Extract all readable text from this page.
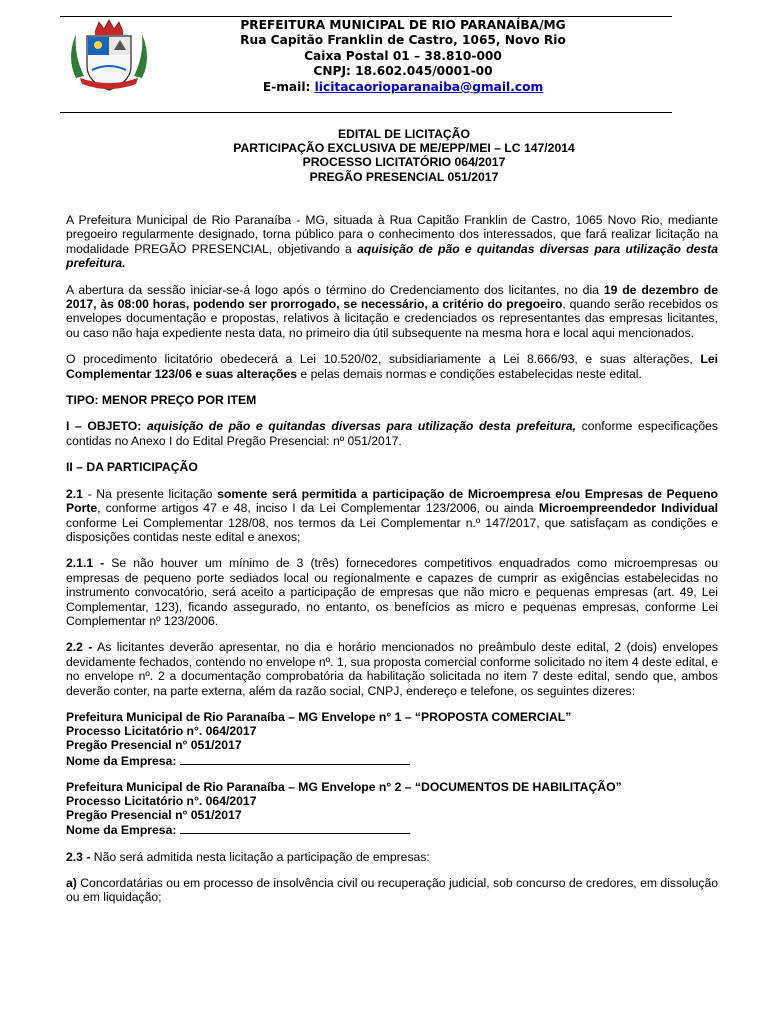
PREFEITURA MUNICIPAL DE RIO PARANAÍBA/MG
Rua Capitão Franklin de Castro, 1065, Novo Rio
Caixa Postal 01 – 38.810-000
CNPJ: 18.602.045/0001-00
E-mail: licitacaorioparanaiba@gmail.com
EDITAL DE LICITAÇÃO
PARTICIPAÇÃO EXCLUSIVA DE ME/EPP/MEI – LC 147/2014
PROCESSO LICITATÓRIO 064/2017
PREGÃO PRESENCIAL 051/2017

A Prefeitura Municipal de Rio Paranaíba - MG, situada à Rua Capitão Franklin de Castro, 1065 Novo Rio, mediante pregoeiro regularmente designado, torna público para o conhecimento dos interessados, que fará realizar licitação na modalidade PREGÃO PRESENCIAL, objetivando a aquisição de pão e quitandas diversas para utilização desta prefeitura.

A abertura da sessão iniciar-se-á logo após o término do Credenciamento dos licitantes, no dia 19 de dezembro de 2017, às 08:00 horas, podendo ser prorrogado, se necessário, a critério do pregoeiro, quando serão recebidos os envelopes documentação e propostas, relativos à licitação e credenciados os representantes das empresas licitantes, ou caso não haja expediente nesta data, no primeiro dia útil subsequente na mesma hora e local aqui mencionados.

O procedimento licitatório obedecerá a Lei 10.520/02, subsidiariamente a Lei 8.666/93, e suas alterações, Lei Complementar 123/06 e suas alterações e pelas demais normas e condições estabelecidas neste edital.

TIPO: MENOR PREÇO POR ITEM

I – OBJETO: aquisição de pão e quitandas diversas para utilização desta prefeitura, conforme especificações contidas no Anexo I do Edital Pregão Presencial: nº 051/2017.

II – DA PARTICIPAÇÃO

2.1 - Na presente licitação somente será permitida a participação de Microempresa e/ou Empresas de Pequeno Porte, conforme artigos 47 e 48, inciso I da Lei Complementar 123/2006, ou ainda Microempreendedor Individual conforme Lei Complementar 128/08, nos termos da Lei Complementar n.º 147/2017, que satisfaçam as condições e disposições contidas neste edital e anexos;

2.1.1 - Se não houver um mínimo de 3 (três) fornecedores competitivos enquadrados como microempresas ou empresas de pequeno porte sediados local ou regionalmente e capazes de cumprir as exigências estabelecidas no instrumento convocatório, será aceito a participação de empresas que não micro e pequenas empresas (art. 49, Lei Complementar, 123), ficando assegurado, no entanto, os benefícios as micro e pequenas empresas, conforme Lei Complementar nº 123/2006.

2.2 - As licitantes deverão apresentar, no dia e horário mencionados no preâmbulo deste edital, 2 (dois) envelopes devidamente fechados, contendo no envelope nº. 1, sua proposta comercial conforme solicitado no item 4 deste edital, e no envelope nº. 2 a documentação comprobatória da habilitação solicitada no item 7 deste edital, sendo que, ambos deverão conter, na parte externa, além da razão social, CNPJ, endereço e telefone, os seguintes dizeres:

Prefeitura Municipal de Rio Paranaíba – MG Envelope n° 1 – “PROPOSTA COMERCIAL”
Processo Licitatório n°. 064/2017
Pregão Presencial n° 051/2017
Nome da Empresa:
Prefeitura Municipal de Rio Paranaíba – MG Envelope n° 2 – “DOCUMENTOS DE HABILITAÇÃO”
Processo Licitatório n°. 064/2017
Pregão Presencial n° 051/2017
Nome da Empresa:

2.3 - Não será admitida nesta licitação a participação de empresas:

a) Concordatárias ou em processo de insolvência civil ou recuperação judicial, sob concurso de credores, em dissolução ou em liquidação;
